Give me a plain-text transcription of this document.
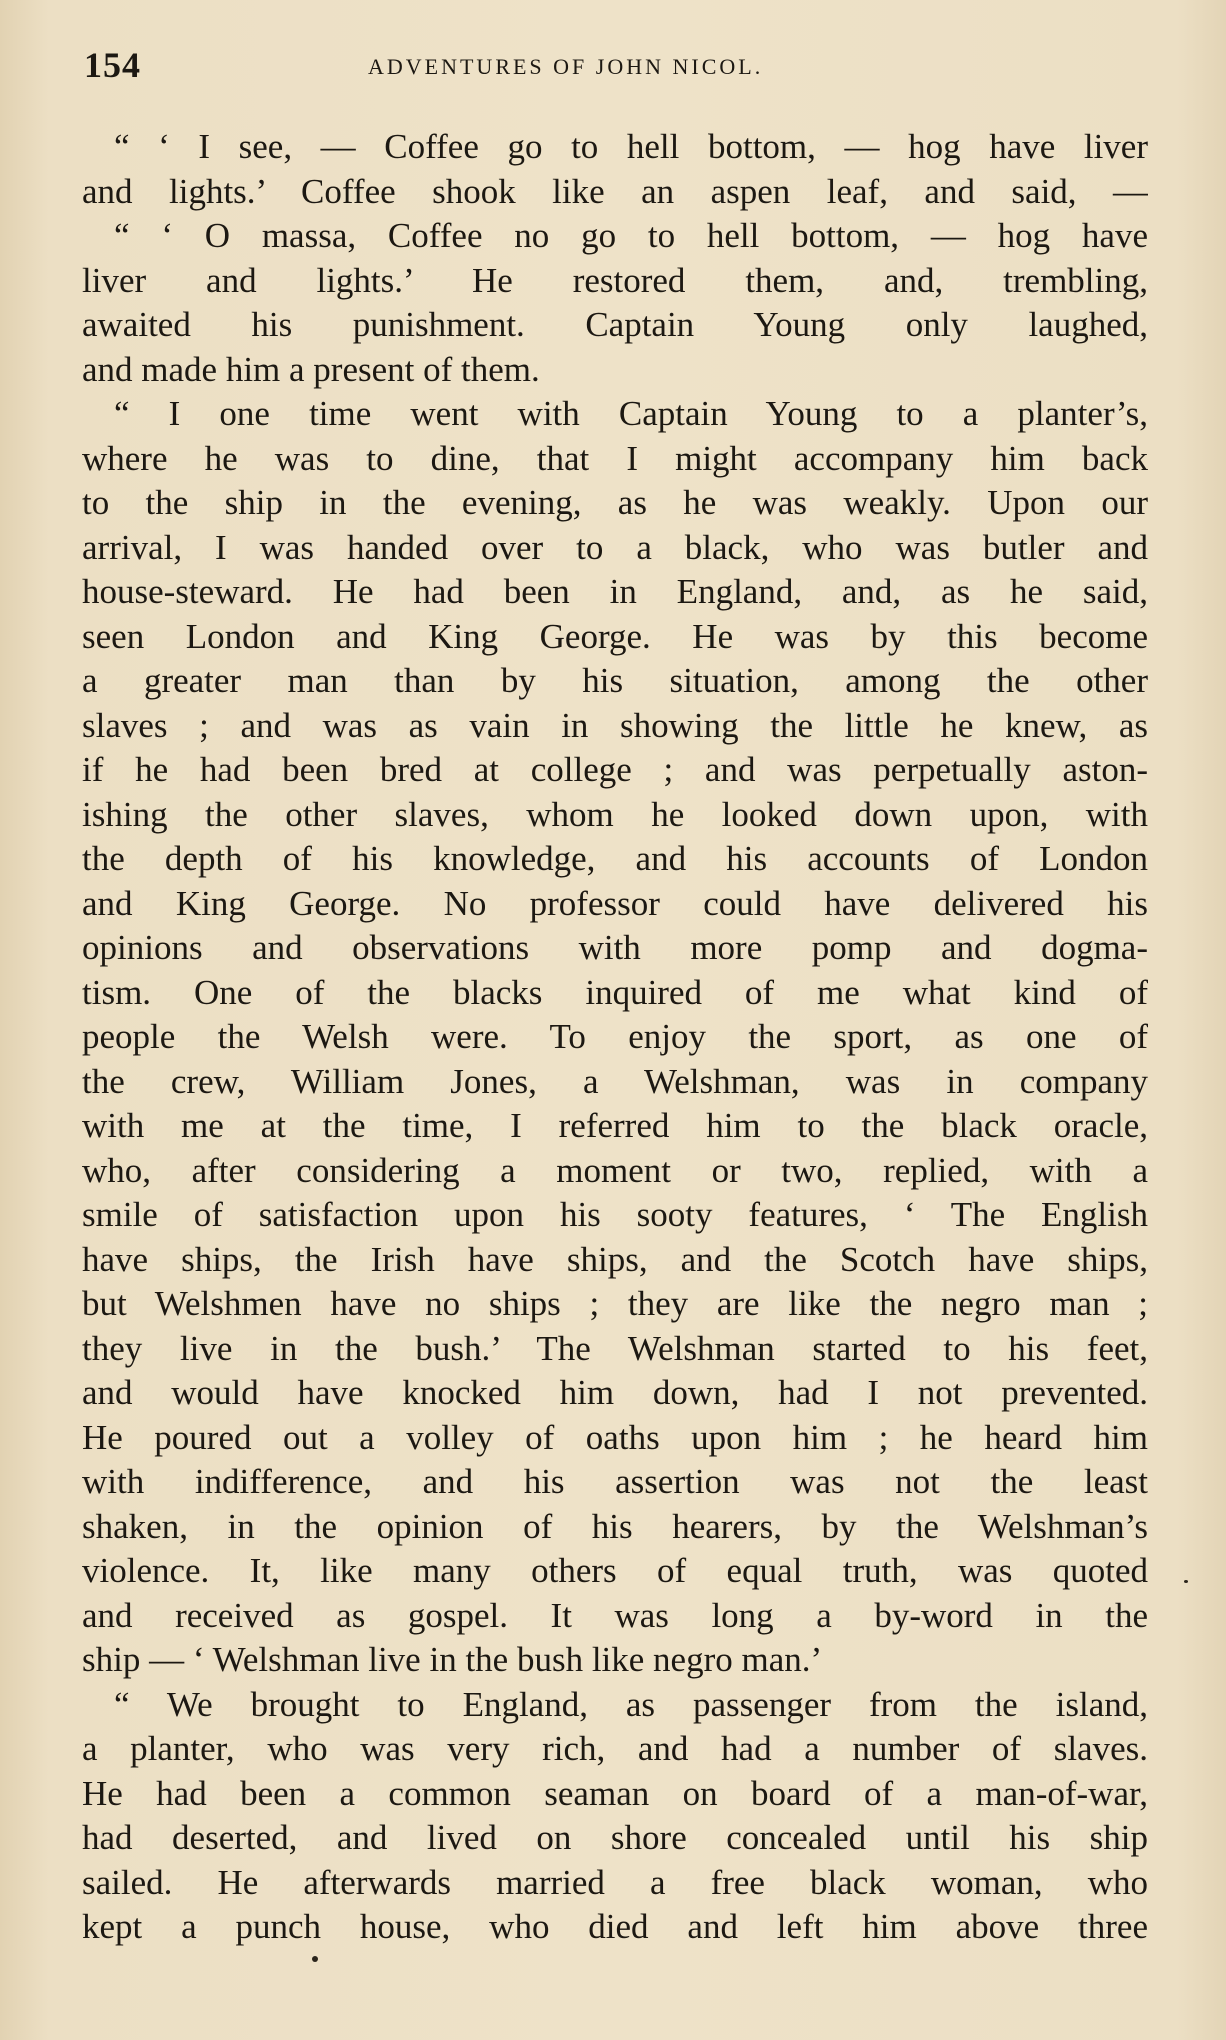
154	ADVENTURES OF JOHN NICOL.
“ ‘ I see, — Coffee go to hell bottom, — hog have liver
and lights.’ Coffee shook like an aspen leaf, and said, —
“ ‘ O massa, Coffee no go to hell bottom, — hog have
liver and lights.’ He restored them, and, trembling,
awaited his punishment. Captain Young only laughed,
and made him a present of them.
“ I one time went with Captain Young to a planter’s,
where he was to dine, that I might accompany him back
to the ship in the evening, as he was weakly. Upon our
arrival, I was handed over to a black, who was butler and
house-steward. He had been in England, and, as he said,
seen London and King George. He was by this become
a greater man than by his situation, among the other
slaves ; and was as vain in showing the little he knew, as
if he had been bred at college ; and was perpetually aston-
ishing the other slaves, whom he looked down upon, with
the depth of his knowledge, and his accounts of London
and King George. No professor could have delivered his
opinions and observations with more pomp and dogma-
tism. One of the blacks inquired of me what kind of
people the Welsh were. To enjoy the sport, as one of
the crew, William Jones, a Welshman, was in company
with me at the time, I referred him to the black oracle,
who, after considering a moment or two, replied, with a
smile of satisfaction upon his sooty features, ‘ The English
have ships, the Irish have ships, and the Scotch have ships,
but Welshmen have no ships ; they are like the negro man ;
they live in the bush.’ The Welshman started to his feet,
and would have knocked him down, had I not prevented.
He poured out a volley of oaths upon him ; he heard him
with indifference, and his assertion was not the least
shaken, in the opinion of his hearers, by the Welshman’s
violence. It, like many others of equal truth, was quoted
and received as gospel. It was long a by-word in the
ship — ‘ Welshman live in the bush like negro man.’
“ We brought to England, as passenger from the island,
a planter, who was very rich, and had a number of slaves.
He had been a common seaman on board of a man-of-war,
had deserted, and lived on shore concealed until his ship
sailed. He afterwards married a free black woman, who
kept a punch house, who died and left him above three
